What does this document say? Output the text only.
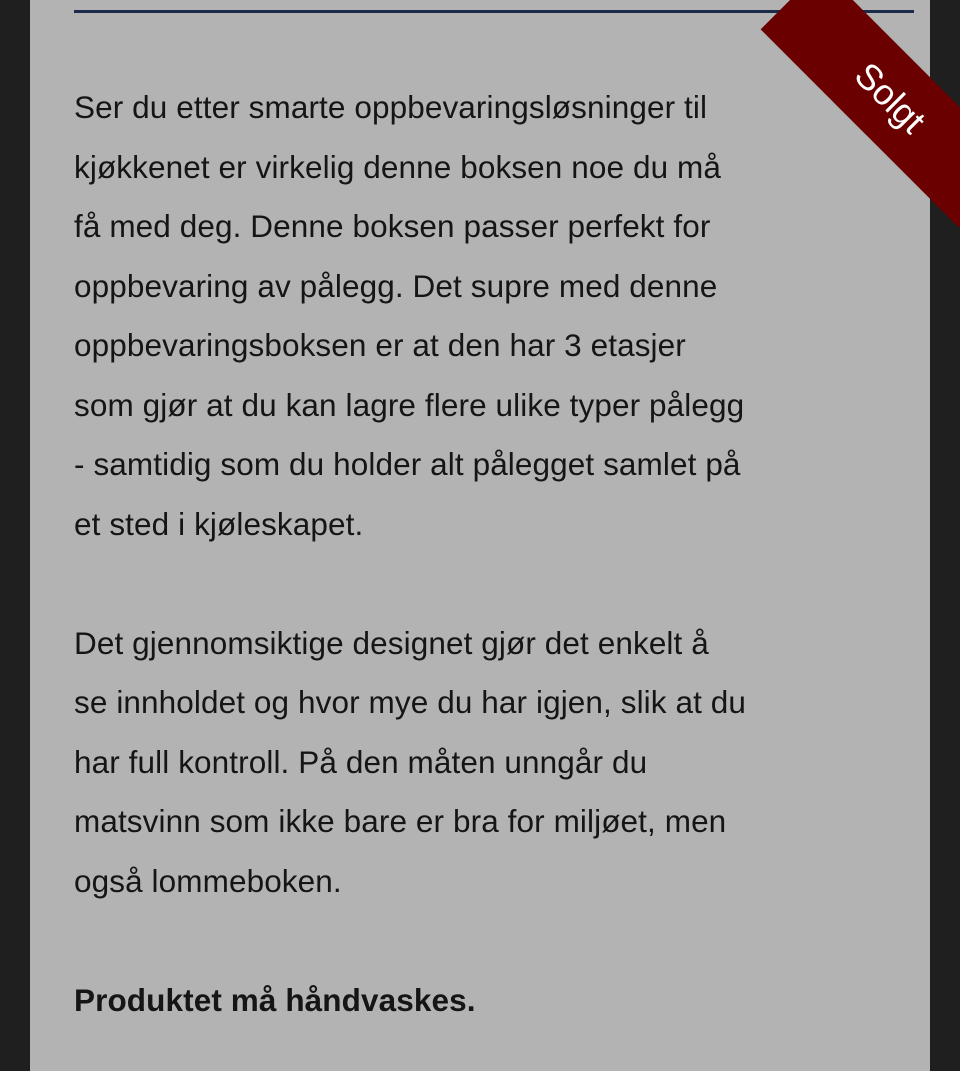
Ser du etter smarte oppbevaringsløsninger til
kjøkkenet er virkelig denne boksen noe du må
få med deg. Denne boksen passer perfekt for
oppbevaring av pålegg. Det supre med denne
oppbevaringsboksen er at den har 3 etasjer
som gjør at du kan lagre flere ulike typer pålegg
- samtidig som du holder alt pålegget samlet på
et sted i kjøleskapet.

Det gjennomsiktige designet gjør det enkelt å
se innholdet og hvor mye du har igjen, slik at du
har full kontroll. På den måten unngår du
matsvinn som ikke bare er bra for miljøet, men
også lommeboken.

Produktet må håndvaskes.

Solgt
